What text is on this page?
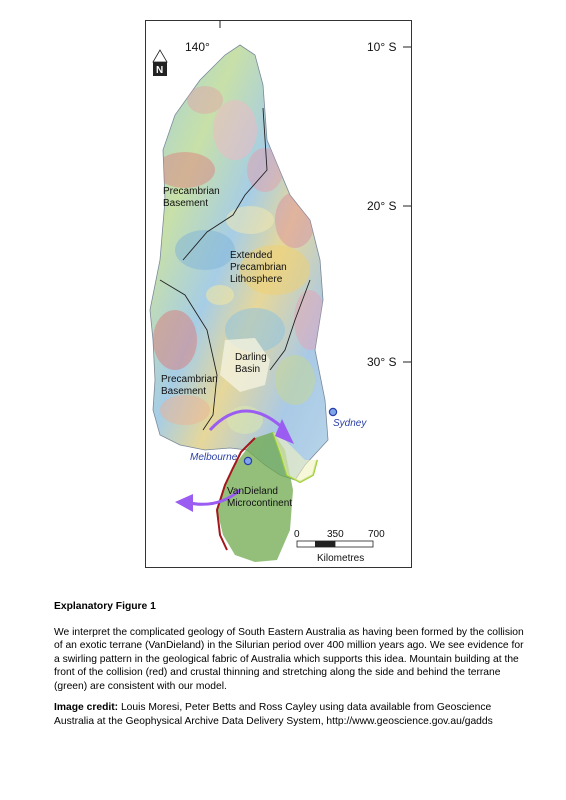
Melbourne
Sydney
Precambrian
Basement
Extended
Precambrian
Lithosphere
Darling
Basin
Precambrian
Basement
VanDieland
Microcontinent
N
140°	10° S
20° S
30° S
0	350 700
Kilometres
Explanatory Figure 1

We interpret the complicated geology of South Eastern Australia as having been formed by the collision of an exotic terrane (VanDieland) in the Silurian period over 400 million years ago. We see evidence for a swirling pattern in the geological fabric of Australia which supports this idea. Mountain building at the front of the collision (red) and crustal thinning and stretching along the side and behind the terrane (green) are consistent with our model.

Image credit: Louis Moresi, Peter Betts and Ross Cayley using data available from Geoscience Australia at the Geophysical Archive Data Delivery System, http://www.geoscience.gov.au/gadds
